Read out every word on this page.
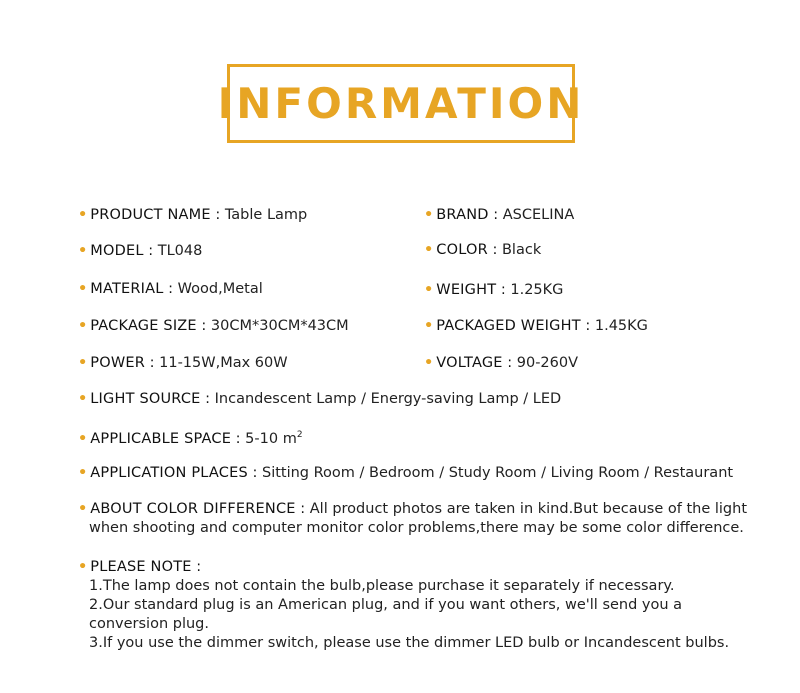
INFORMATION
• PRODUCT NAME : Table Lamp
• MODEL : TL048
• MATERIAL : Wood,Metal
• PACKAGE SIZE : 30CM*30CM*43CM
• POWER : 11-15W,Max 60W
• BRAND : ASCELINA
• COLOR : Black
• WEIGHT : 1.25KG
• PACKAGED WEIGHT : 1.45KG
• VOLTAGE : 90-260V
• LIGHT SOURCE : Incandescent Lamp / Energy-saving Lamp / LED
• APPLICABLE SPACE : 5-10 $m^2$
• APPLICATION PLACES : Sitting Room / Bedroom / Study Room / Living Room / Restaurant
• ABOUT COLOR DIFFERENCE : All product photos are taken in kind.But because of the light
when shooting and computer monitor color problems,there may be some color difference.
• PLEASE NOTE :
1.The lamp does not contain the bulb,please purchase it separately if necessary.
2.Our standard plug is an American plug, and if you want others, we'll send you a
conversion plug.
3.If you use the dimmer switch, please use the dimmer LED bulb or Incandescent bulbs.
